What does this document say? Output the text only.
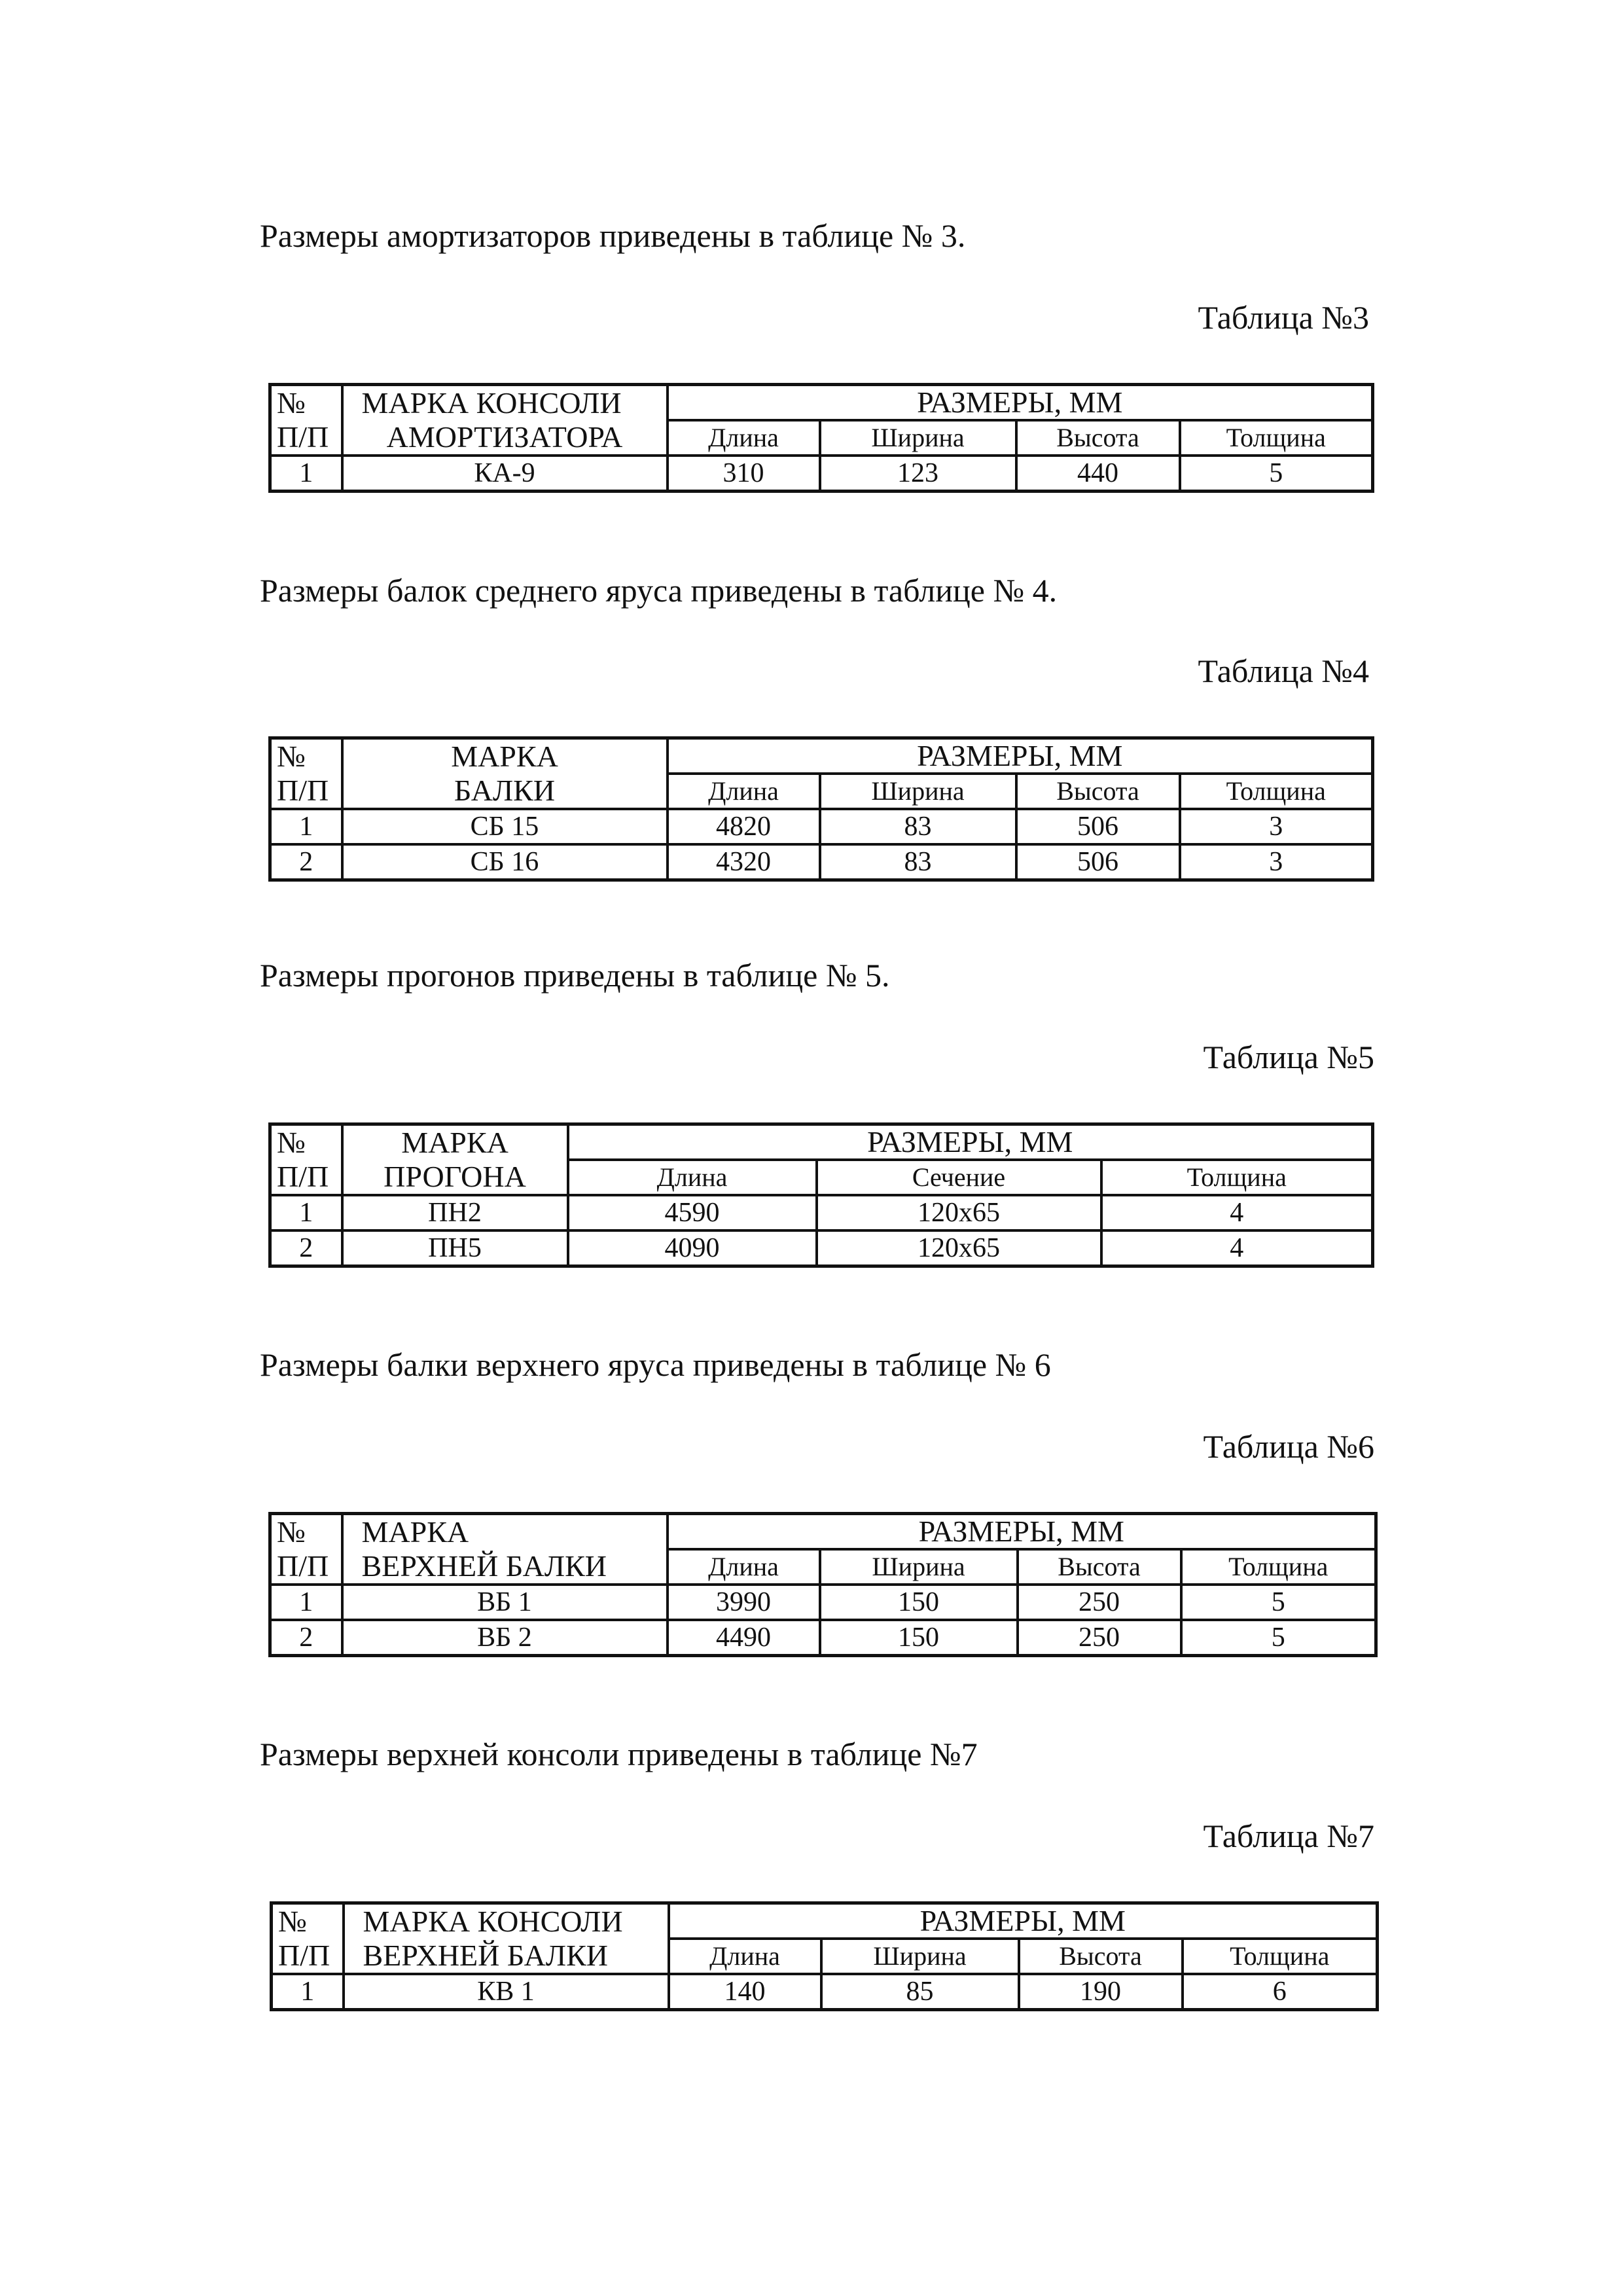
Размеры амортизаторов приведены в таблице № 3.
Таблица №3
№	МАРКА КОНСОЛИ	РАЗМЕРЫ, ММ			
П/П	АМОРТИЗАТОРА	Длина	Ширина	Высота	Толщина
1	КА-9	310	123	440	5
Размеры балок среднего яруса приведены в таблице № 4.
Таблица №4
№	МАРКА	РАЗМЕРЫ, ММ			
П/П	БАЛКИ	Длина	Ширина	Высота	Толщина
1	СБ 15	4820	83	506	3
2	СБ 16	4320	83	506	3
Размеры прогонов приведены в таблице № 5.
Таблица №5
№	МАРКА	РАЗМЕРЫ, ММ		
П/П	ПРОГОНА	Длина	Сечение	Толщина
1	ПН2	4590	120х65	4
2	ПН5	4090	120х65	4
Размеры балки верхнего яруса приведены в таблице № 6
Таблица №6
№	МАРКА	РАЗМЕРЫ, ММ			
П/П	ВЕРХНЕЙ БАЛКИ	Длина	Ширина	Высота	Толщина
1	ВБ 1	3990	150	250	5
2	ВБ 2	4490	150	250	5
Размеры верхней консоли приведены в таблице №7
Таблица №7
№	МАРКА КОНСОЛИ	РАЗМЕРЫ, ММ			
П/П	ВЕРХНЕЙ БАЛКИ	Длина	Ширина	Высота	Толщина
1	КВ 1	140	85	190	6
